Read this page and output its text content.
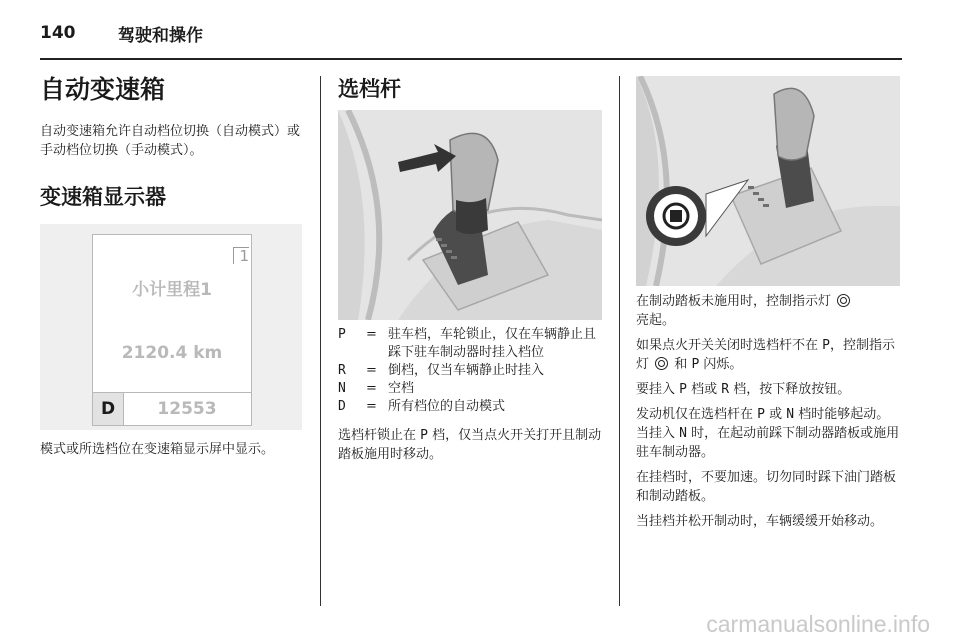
140	驾驶和操作
自动变速箱

自动变速箱允许自动档位切换（自动模式）或手动档位切换（手动模式）。

变速箱显示器
1
小计里程1
2120.4 km
D	12553

模式或所选档位在变速箱显示屏中显示。

选档杆
P	=	驻车档，车轮锁止，仅在车辆静止且踩下驻车制动器时挂入档位
R	=	倒档，仅当车辆静止时挂入
N	=	空档
D	=	所有档位的自动模式

选档杆锁止在 P 档，仅当点火开关打开且制动踏板施用时移动。

在制动踏板未施用时，控制指示灯
亮起。

如果点火开关关闭时选档杆不在 P，控制指示灯 和 P 闪烁。

要挂入 P 档或 R 档，按下释放按钮。

发动机仅在选档杆在 P 或 N 档时能够起动。当挂入 N 时，在起动前踩下制动器踏板或施用驻车制动器。

在挂档时，不要加速。切勿同时踩下油门踏板和制动踏板。

当挂档并松开制动时，车辆缓缓开始移动。

carmanualsonline.info
